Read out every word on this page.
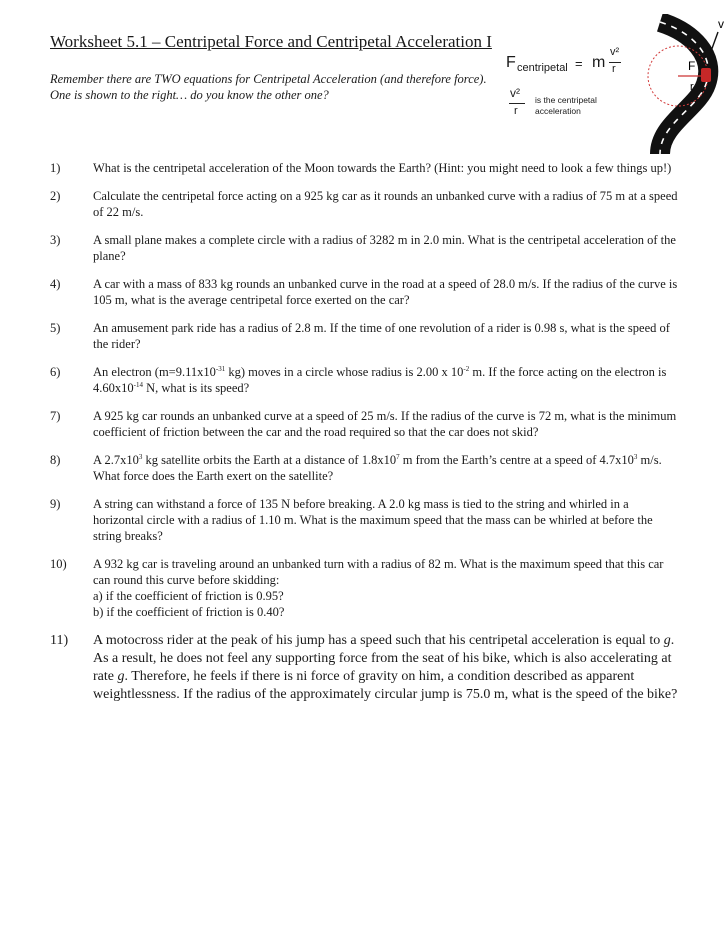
Worksheet 5.1 – Centripetal Force and Centripetal Acceleration I
Remember there are TWO equations for Centripetal Acceleration (and therefore force). One is shown to the right… do you know the other one?
F centripetal = m
v²
r
v²
r
is the centripetal
acceleration
v
F
r
1)	What is the centripetal acceleration of the Moon towards the Earth? (Hint: you might need to look a few things up!)
2)	Calculate the centripetal force acting on a 925 kg car as it rounds an unbanked curve with a radius of 75 m at a speed of 22 m/s.
3)	A small plane makes a complete circle with a radius of 3282 m in 2.0 min. What is the centripetal acceleration of the plane?
4)	A car with a mass of 833 kg rounds an unbanked curve in the road at a speed of 28.0 m/s. If the radius of the curve is 105 m, what is the average centripetal force exerted on the car?
5)	An amusement park ride has a radius of 2.8 m. If the time of one revolution of a rider is 0.98 s, what is the speed of the rider?
6)	An electron ($m=9.11x10^{-31}$ kg) moves in a circle whose radius is 2.00 x $10^{-2}$ m. If the force acting on the electron is $4.60x10^{-14}$ N, what is its speed?
7)	A 925 kg car rounds an unbanked curve at a speed of 25 m/s. If the radius of the curve is 72 m, what is the minimum coefficient of friction between the car and the road required so that the car does not skid?
8)	A $2.7x10^3$ kg satellite orbits the Earth at a distance of $1.8x10^7$ m from the Earth’s centre at a speed of $4.7x10^3$ m/s. What force does the Earth exert on the satellite?
9)	A string can withstand a force of 135 N before breaking. A 2.0 kg mass is tied to the string and whirled in a horizontal circle with a radius of 1.10 m. What is the maximum speed that the mass can be whirled at before the string breaks?
10)	A 932 kg car is traveling around an unbanked turn with a radius of 82 m. What is the maximum speed that this car can round this curve before skidding:
a) if the coefficient of friction is 0.95?
b) if the coefficient of friction is 0.40?
11)	A motocross rider at the peak of his jump has a speed such that his centripetal acceleration is equal to g. As a result, he does not feel any supporting force from the seat of his bike, which is also accelerating at rate g. Therefore, he feels if there is ni force of gravity on him, a condition described as apparent weightlessness. If the radius of the approximately circular jump is 75.0 m, what is the speed of the bike?
